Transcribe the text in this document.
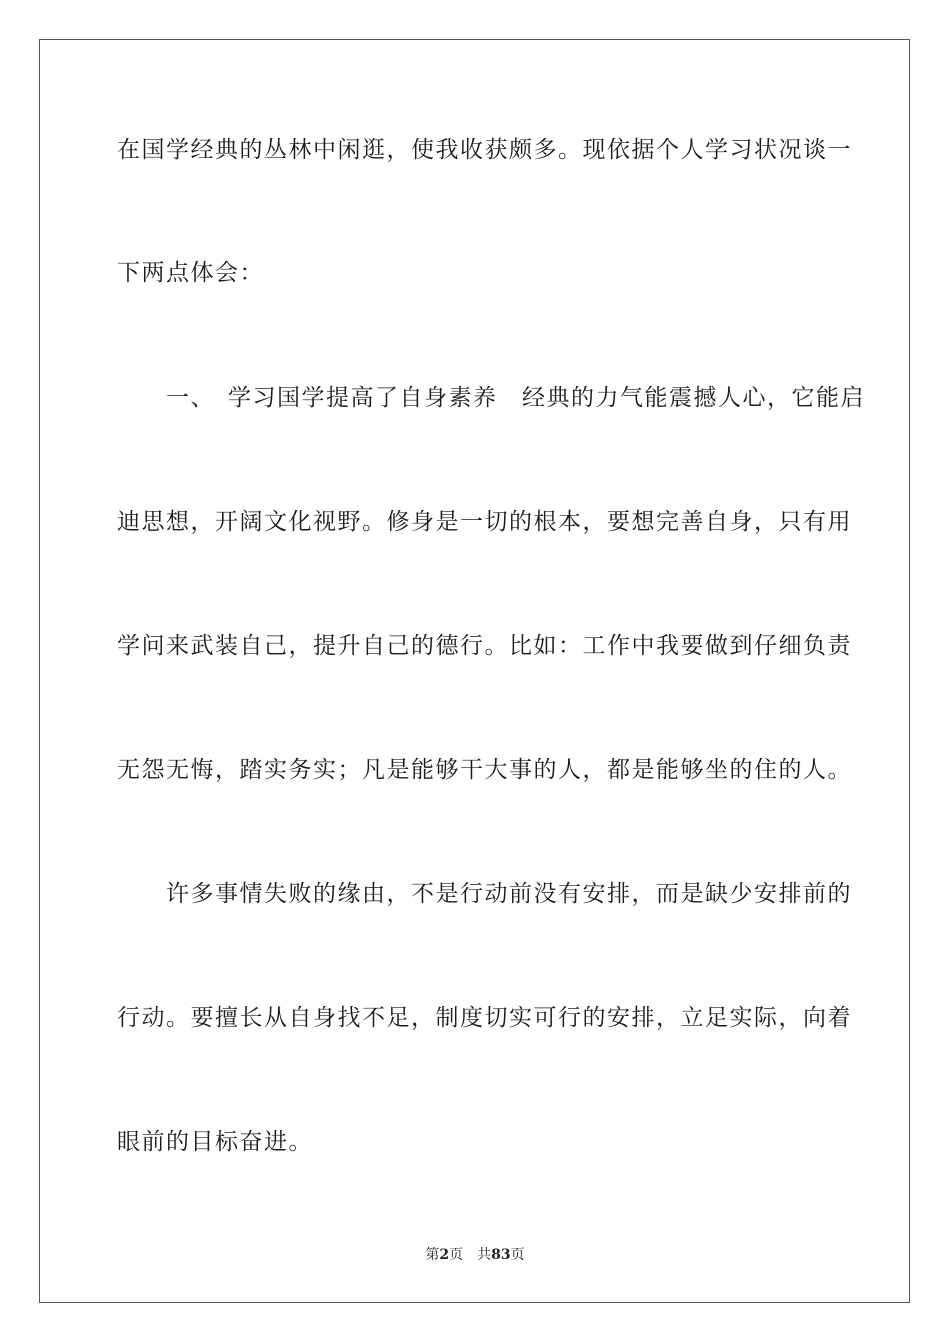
在国学经典的丛林中闲逛，使我收获颇多。现依据个人学习状况谈一
下两点体会：
　　一、　学习国学提高了自身素养　经典的力气能震撼人心，它能启
迪思想，开阔文化视野。修身是一切的根本，要想完善自身，只有用
学问来武装自己，提升自己的德行。比如：工作中我要做到仔细负责
无怨无悔，踏实务实；凡是能够干大事的人，都是能够坐的住的人。
　　许多事情失败的缘由，不是行动前没有安排，而是缺少安排前的
行动。要擅长从自身找不足，制度切实可行的安排，立足实际，向着
眼前的目标奋进。
第2页 共83页
